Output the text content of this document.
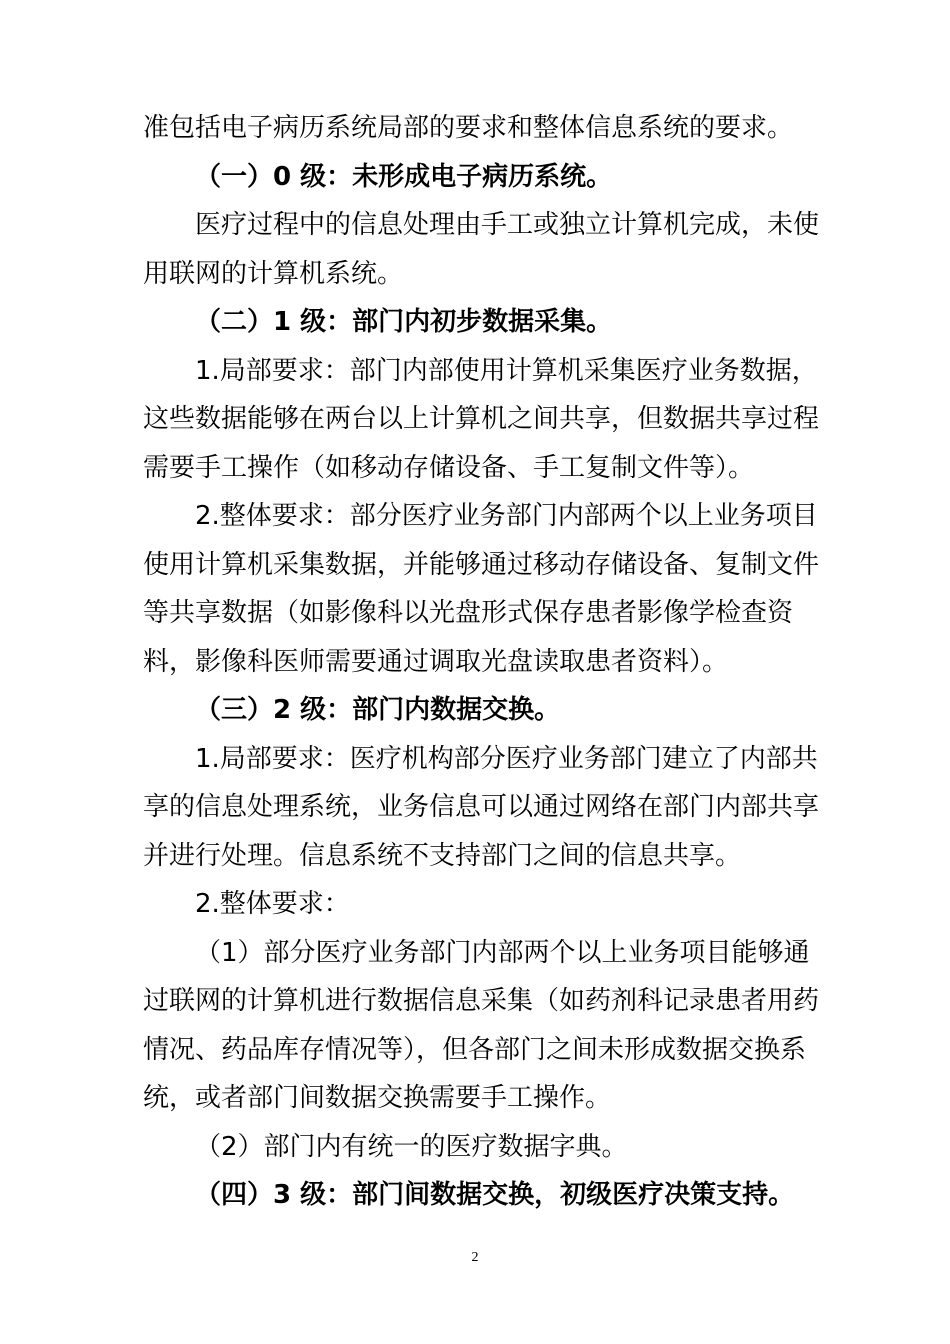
准包括电子病历系统局部的要求和整体信息系统的要求。

（一）0 级：未形成电子病历系统。

医疗过程中的信息处理由手工或独立计算机完成，未使

用联网的计算机系统。

（二）1 级：部门内初步数据采集。

1.局部要求：部门内部使用计算机采集医疗业务数据，

这些数据能够在两台以上计算机之间共享，但数据共享过程

需要手工操作（如移动存储设备、手工复制文件等）。

2.整体要求：部分医疗业务部门内部两个以上业务项目

使用计算机采集数据，并能够通过移动存储设备、复制文件

等共享数据（如影像科以光盘形式保存患者影像学检查资

料，影像科医师需要通过调取光盘读取患者资料）。

（三）2 级：部门内数据交换。

1.局部要求：医疗机构部分医疗业务部门建立了内部共

享的信息处理系统，业务信息可以通过网络在部门内部共享

并进行处理。信息系统不支持部门之间的信息共享。

2.整体要求：

（1）部分医疗业务部门内部两个以上业务项目能够通

过联网的计算机进行数据信息采集（如药剂科记录患者用药

情况、药品库存情况等），但各部门之间未形成数据交换系

统，或者部门间数据交换需要手工操作。

（2）部门内有统一的医疗数据字典。

（四）3 级：部门间数据交换，初级医疗决策支持。

2
